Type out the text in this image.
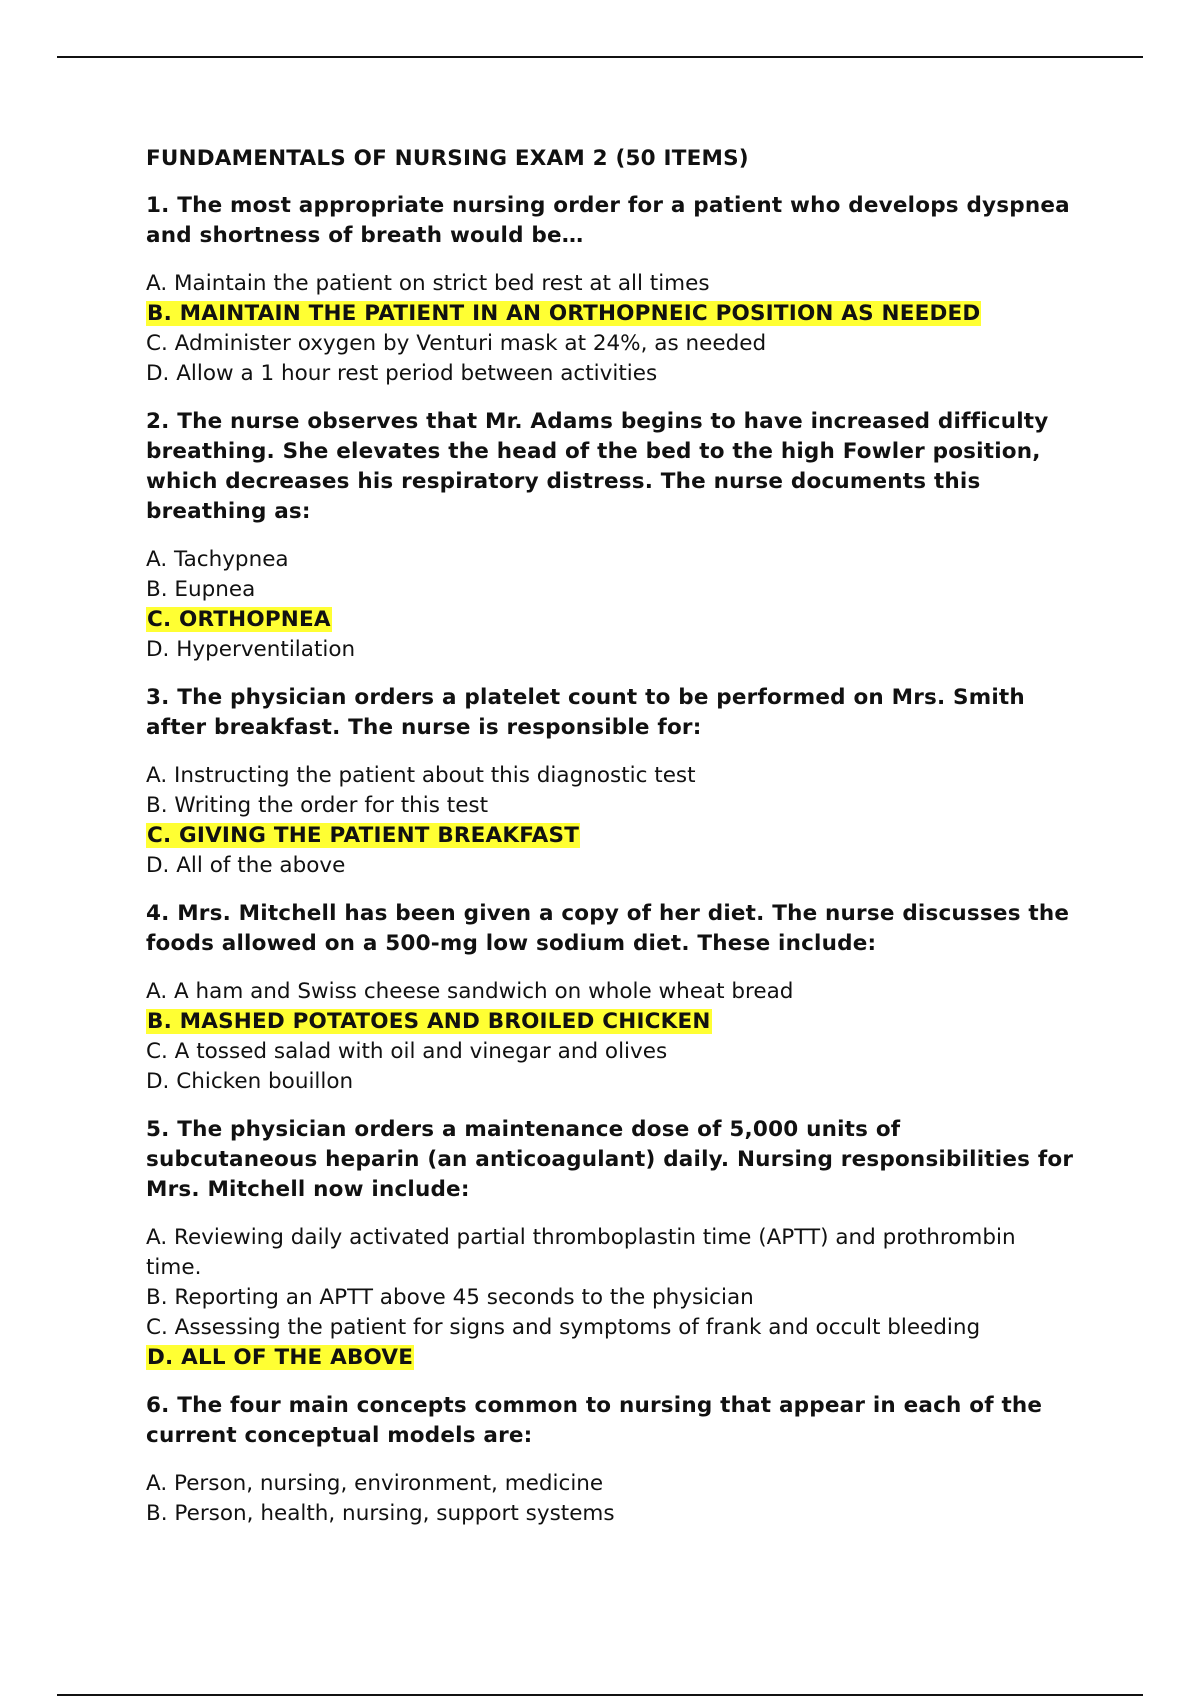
FUNDAMENTALS OF NURSING EXAM 2 (50 ITEMS)
1. The most appropriate nursing order for a patient who develops dyspnea and shortness of breath would be…
A. Maintain the patient on strict bed rest at all times
B. MAINTAIN THE PATIENT IN AN ORTHOPNEIC POSITION AS NEEDED
C. Administer oxygen by Venturi mask at 24%, as needed
D. Allow a 1 hour rest period between activities
2. The nurse observes that Mr. Adams begins to have increased difficulty breathing. She elevates the head of the bed to the high Fowler position, which decreases his respiratory distress. The nurse documents this breathing as:
A. Tachypnea
B. Eupnea
C. ORTHOPNEA
D. Hyperventilation
3. The physician orders a platelet count to be performed on Mrs. Smith after breakfast. The nurse is responsible for:
A. Instructing the patient about this diagnostic test
B. Writing the order for this test
C. GIVING THE PATIENT BREAKFAST
D. All of the above
4. Mrs. Mitchell has been given a copy of her diet. The nurse discusses the foods allowed on a 500-mg low sodium diet. These include:
A. A ham and Swiss cheese sandwich on whole wheat bread
B. MASHED POTATOES AND BROILED CHICKEN
C. A tossed salad with oil and vinegar and olives
D. Chicken bouillon
5. The physician orders a maintenance dose of 5,000 units of subcutaneous heparin (an anticoagulant) daily. Nursing responsibilities for Mrs. Mitchell now include:
A. Reviewing daily activated partial thromboplastin time (APTT) and prothrombin time.
B. Reporting an APTT above 45 seconds to the physician
C. Assessing the patient for signs and symptoms of frank and occult bleeding
D. ALL OF THE ABOVE
6. The four main concepts common to nursing that appear in each of the current conceptual models are:
A. Person, nursing, environment, medicine
B. Person, health, nursing, support systems
